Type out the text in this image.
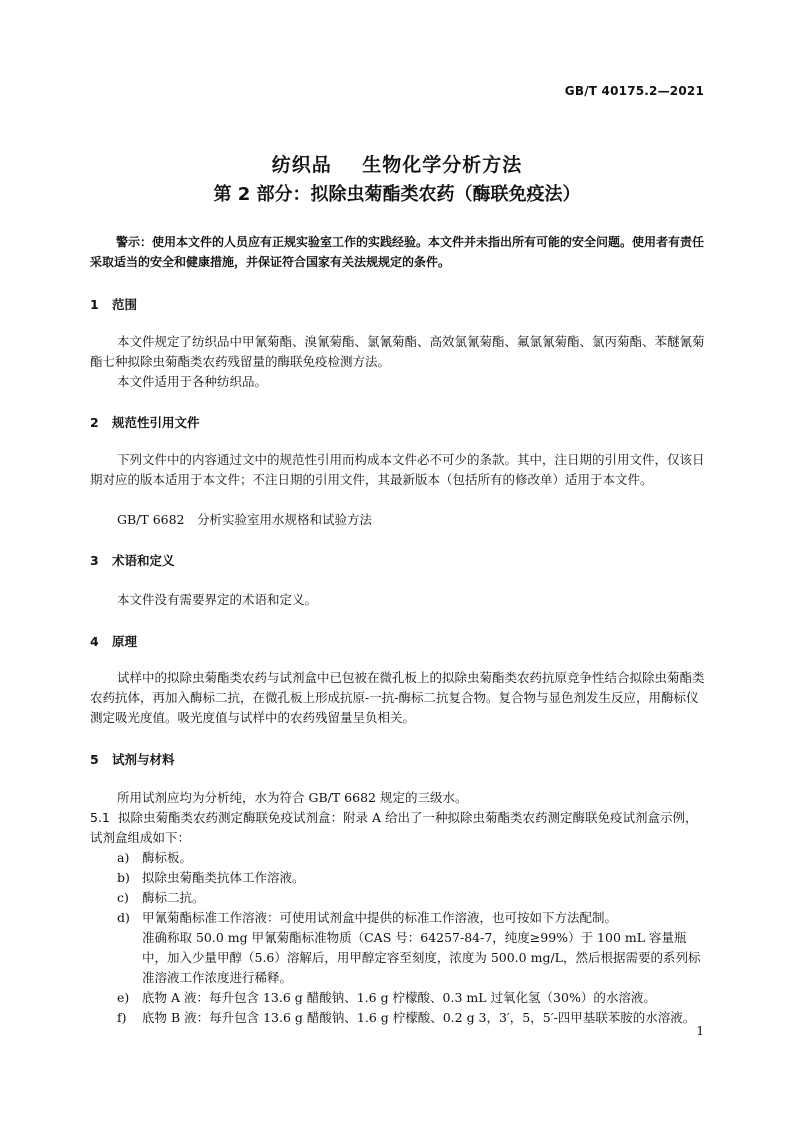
GB/T 40175.2—2021
纺织品    生物化学分析方法
第 2 部分：拟除虫菊酯类农药（酶联免疫法）
警示：使用本文件的人员应有正规实验室工作的实践经验。本文件并未指出所有可能的安全问题。使用者有责任采取适当的安全和健康措施，并保证符合国家有关法规规定的条件。
1 范围
本文件规定了纺织品中甲氰菊酯、溴氰菊酯、氯氰菊酯、高效氯氰菊酯、氟氯氰菊酯、氯丙菊酯、苯醚氰菊酯七种拟除虫菊酯类农药残留量的酶联免疫检测方法。
本文件适用于各种纺织品。
2 规范性引用文件
下列文件中的内容通过文中的规范性引用而构成本文件必不可少的条款。其中，注日期的引用文件，仅该日期对应的版本适用于本文件；不注日期的引用文件，其最新版本（包括所有的修改单）适用于本文件。
GB/T 6682　分析实验室用水规格和试验方法
3 术语和定义
本文件没有需要界定的术语和定义。
4 原理
试样中的拟除虫菊酯类农药与试剂盒中已包被在微孔板上的拟除虫菊酯类农药抗原竞争性结合拟除虫菊酯类农药抗体，再加入酶标二抗，在微孔板上形成抗原-一抗-酶标二抗复合物。复合物与显色剂发生反应，用酶标仪测定吸光度值。吸光度值与试样中的农药残留量呈负相关。
5 试剂与材料
所用试剂应均为分析纯，水为符合 GB/T 6682 规定的三级水。
5.1 拟除虫菊酯类农药测定酶联免疫试剂盒：附录 A 给出了一种拟除虫菊酯类农药测定酶联免疫试剂盒示例，试剂盒组成如下：
a) 酶标板。
b) 拟除虫菊酯类抗体工作溶液。
c) 酶标二抗。
d) 甲氰菊酯标准工作溶液：可使用试剂盒中提供的标准工作溶液，也可按如下方法配制。
准确称取 50.0 mg 甲氰菊酯标准物质（CAS 号：64257-84-7，纯度≥99%）于 100 mL 容量瓶中，加入少量甲醇（5.6）溶解后，用甲醇定容至刻度，浓度为 500.0 mg/L，然后根据需要的系列标准溶液工作浓度进行稀释。
e) 底物 A 液：每升包含 13.6 g 醋酸钠、1.6 g 柠檬酸、0.3 mL 过氧化氢（30%）的水溶液。
f) 底物 B 液：每升包含 13.6 g 醋酸钠、1.6 g 柠檬酸、0.2 g 3，3′，5，5′-四甲基联苯胺的水溶液。
1
